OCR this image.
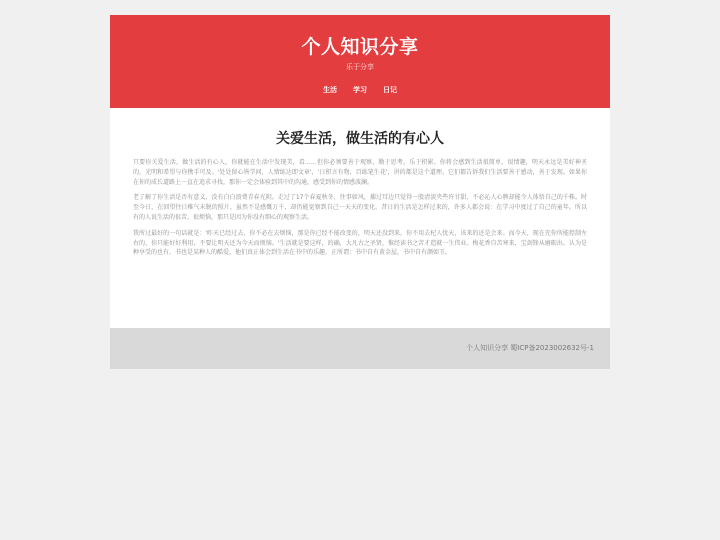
个人知识分享
乐于分享
生活 学习 日记
关爱生活，做生活的有心人

只要你关爱生活，做生活的有心人，你就能在生活中发现美，看……但你必须要善于观察，勤于思考，乐于积累。你将会感到生活很简单，很情趣，明天永远是美好神圣的，光明和希望与你携手可及。'处处留心皆学问，人情练达即文章'，'日积言有物，百练笔生花'，讲的都是这个道理。它们都告诉我们生活要善于感动，善于发现。如果你在你的成长道路上一直在追求寻找，那你一定会体验到其中的沟通，感受到你的情感波澜。

老了解了你生活是否有意义，没有白白浪费青春光阴。走过了17个春夏秋冬，往事如风，捕过耳边只觉得一股清淡夹些许甘甜，不必沁人心脾却能令人体悟自己的千株。时至今日，在回望往日稚气未脱的照片，虽然不是感慨万千，却仍能觉察到自己一天天的变化。昔日的生活是怎样过来的，许多人都会说：在学习中度过了自己的童年。所以有的人说生活的很苦，很烦恼，那只是因为你没有细心的观察生活。

我所过最好的一句话就是：'昨天已经过去，你不必在去烦恼，那是你已经不能改变的，明天还没到来，你不用去杞人忧天，该来的还是会来。而今天，现在充你所能控制左右的，你只能好好利用，不要让明天还为今天而烦恼。'生活就是要这样，的确，大凡古之圣贤，惟经读书之苦才造就一生伟业。梅花香自苦寒来，宝剑锋从磨砺出。认为是种享受的也有，书也是某种人的酷爱，他们真正体会到生活在书中的乐趣，正所谓：书中自有黄金屋，书中自有颜如玉。

个人知识分享 蜀ICP备2023002632号-1
